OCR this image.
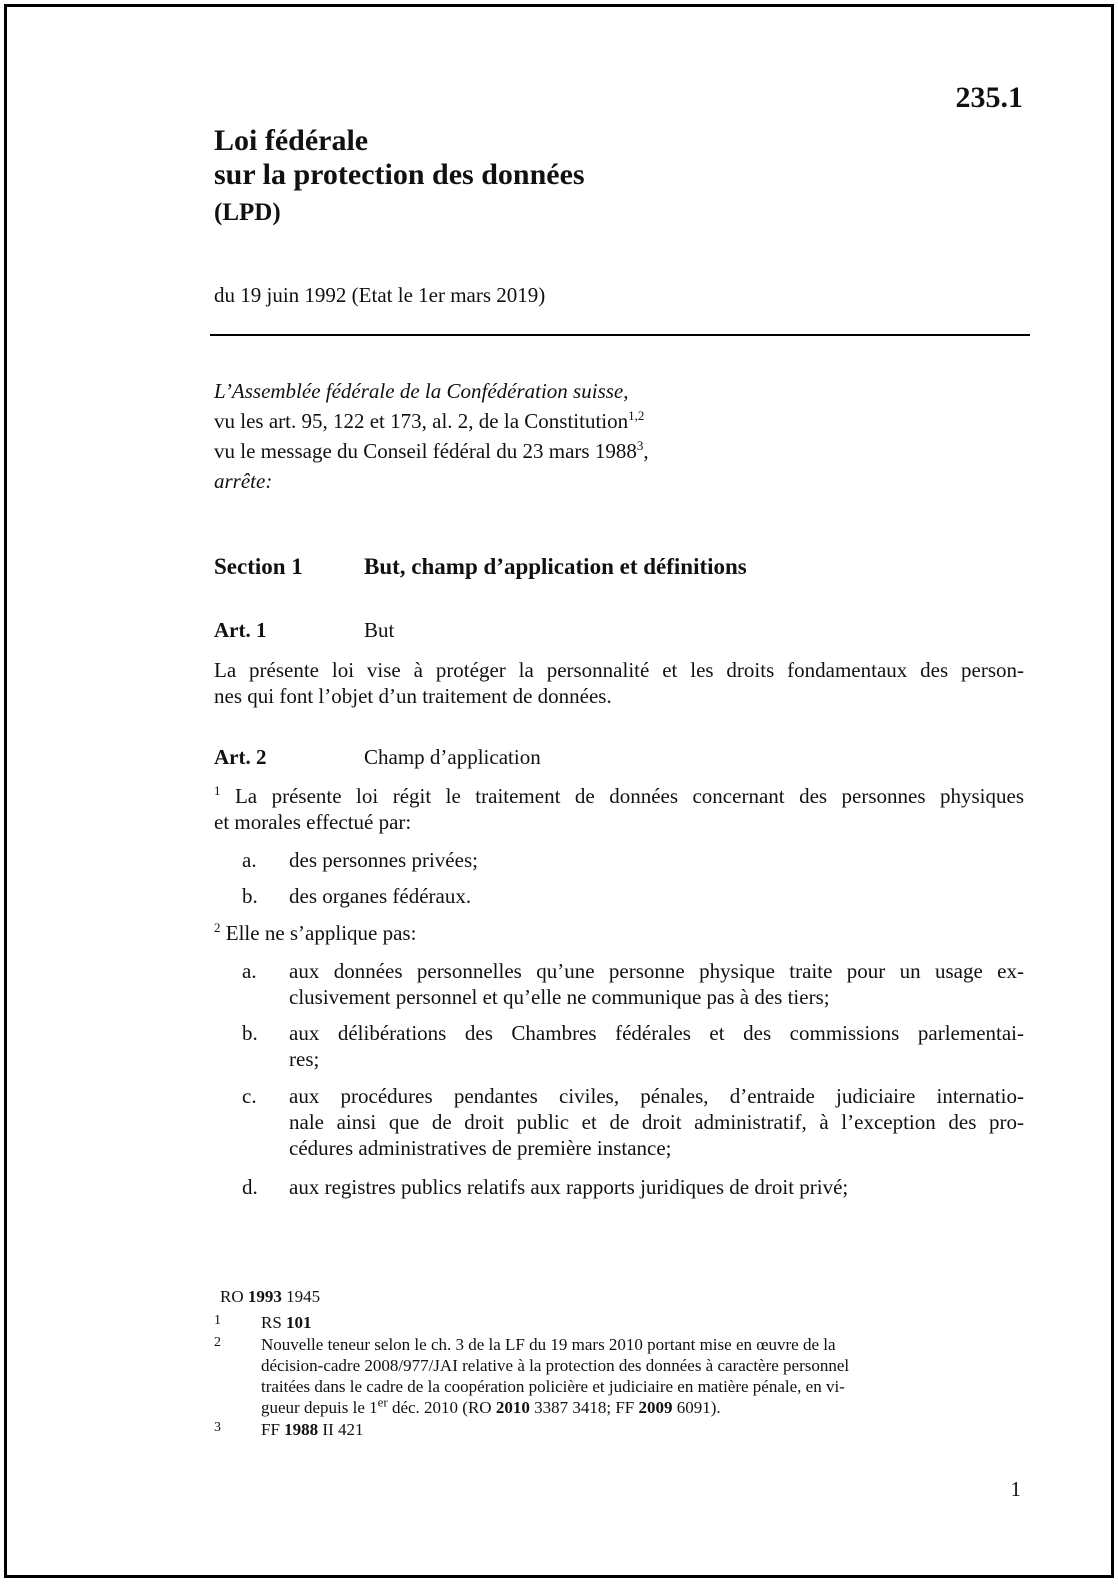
235.1
Loi fédérale
sur la protection des données
(LPD)
du 19 juin 1992 (Etat le 1er mars 2019)
L’Assemblée fédérale de la Confédération suisse,
vu les art. 95, 122 et 173, al. 2, de la Constitution$^{1,2}$
vu le message du Conseil fédéral du 23 mars 1988$^3$,
arrête:
Section 1	But, champ d’application et définitions
Art. 1	But
La présente loi vise à protéger la personnalité et les droits fondamentaux des person-
nes qui font l’objet d’un traitement de données.
Art. 2	Champ d’application
$^1$ La présente loi régit le traitement de données concernant des personnes physiques
et morales effectué par:
a. des personnes privées;
b. des organes fédéraux.
$^2$ Elle ne s’applique pas:
a. aux données personnelles qu’une personne physique traite pour un usage ex-
clusivement personnel et qu’elle ne communique pas à des tiers;
b. aux délibérations des Chambres fédérales et des commissions parlementai-
res;
c. aux procédures pendantes civiles, pénales, d’entraide judiciaire internatio-
nale ainsi que de droit public et de droit administratif, à l’exception des pro-
cédures administratives de première instance;
d. aux registres publics relatifs aux rapports juridiques de droit privé;
RO 1993 1945
1 RS 101
2 Nouvelle teneur selon le ch. 3 de la LF du 19 mars 2010 portant mise en œuvre de la
décision-cadre 2008/977/JAI relative à la protection des données à caractère personnel
traitées dans le cadre de la coopération policière et judiciaire en matière pénale, en vi-
gueur depuis le 1er déc. 2010 (RO 2010 3387 3418; FF 2009 6091).
3 FF 1988 II 421
1
